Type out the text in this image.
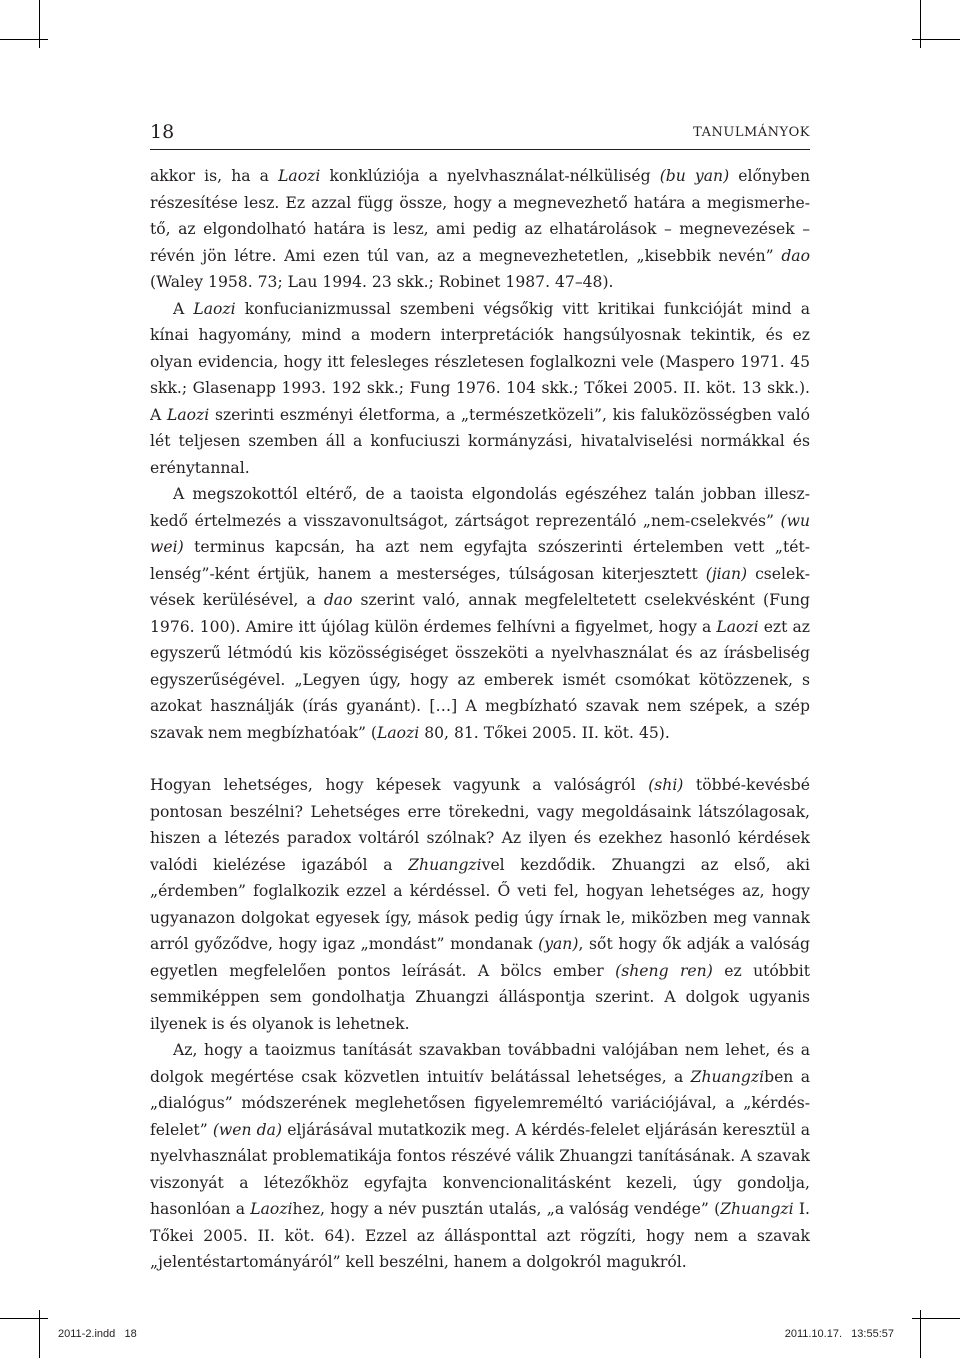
18	TANULMÁNYOK

akkor is, ha a Laozi konklúziója a nyelvhasználat-nélküliség (bu yan) előnyben részesítése lesz. Ez azzal függ össze, hogy a megnevezhető határa a megismerhető, az elgondolható határa is lesz, ami pedig az elhatárolások – megnevezések – révén jön létre. Ami ezen túl van, az a megnevezhetetlen, „kisebbik nevén” dao (Waley 1958. 73; Lau 1994. 23 skk.; Robinet 1987. 47–48).

A Laozi konfucianizmussal szembeni végsőkig vitt kritikai funkcióját mind a kínai hagyomány, mind a modern interpretációk hangsúlyosnak tekintik, és ez olyan evidencia, hogy itt felesleges részletesen foglalkozni vele (Maspero 1971. 45 skk.; Glasenapp 1993. 192 skk.; Fung 1976. 104 skk.; Tőkei 2005. II. köt. 13 skk.). A Laozi szerinti eszményi életforma, a „természetközeli”, kis faluközösségben való lét teljesen szemben áll a konfuciuszi kormányzási, hivatalviselési normákkal és erénytannal.

A megszokottól eltérő, de a taoista elgondolás egészéhez talán jobban illeszkedő értelmezés a visszavonultságot, zártságot reprezentáló „nem-cselekvés” (wu wei) terminus kapcsán, ha azt nem egyfajta szószerinti értelemben vett „tétlenség”-ként értjük, hanem a mesterséges, túlságosan kiterjesztett (jian) cselekvések kerülésével, a dao szerint való, annak megfeleltetett cselekvésként (Fung 1976. 100). Amire itt újólag külön érdemes felhívni a figyelmet, hogy a Laozi ezt az egyszerű létmódú kis közösségiséget összeköti a nyelvhasználat és az írásbeliség egyszerűségével. „Legyen úgy, hogy az emberek ismét csomókat kötözzenek, s azokat használják (írás gyanánt). […] A megbízható szavak nem szépek, a szép szavak nem megbízhatóak” (Laozi 80, 81. Tőkei 2005. II. köt. 45).

Hogyan lehetséges, hogy képesek vagyunk a valóságról (shi) többé-kevésbé pontosan beszélni? Lehetséges erre törekedni, vagy megoldásaink látszólagosak, hiszen a létezés paradox voltáról szólnak? Az ilyen és ezekhez hasonló kérdések valódi kielézése igazából a Zhuangzivel kezdődik. Zhuangzi az első, aki „érdemben” foglalkozik ezzel a kérdéssel. Ő veti fel, hogyan lehetséges az, hogy ugyanazon dolgokat egyesek így, mások pedig úgy írnak le, miközben meg vannak arról győződve, hogy igaz „mondást” mondanak (yan), sőt hogy ők adják a valóság egyetlen megfelelően pontos leírását. A bölcs ember (sheng ren) ez utóbbit semmiképpen sem gondolhatja Zhuangzi álláspontja szerint. A dolgok ugyanis ilyenek is és olyanok is lehetnek.

Az, hogy a taoizmus tanítását szavakban továbbadni valójában nem lehet, és a dolgok megértése csak közvetlen intuitív belátással lehetséges, a Zhuangziben a „dialógus” módszerének meglehetősen figyelemreméltó variációjával, a „kérdés-felelet” (wen da) eljárásával mutatkozik meg. A kérdés-felelet eljárásán keresztül a nyelvhasználat problematikája fontos részévé válik Zhuangzi tanításának. A szavak viszonyát a létezőkhöz egyfajta konvencionalitásként kezeli, úgy gondolja, hasonlóan a Laozihez, hogy a név pusztán utalás, „a valóság vendége” (Zhuangzi I. Tőkei 2005. II. köt. 64). Ezzel az állásponttal azt rögzíti, hogy nem a szavak „jelentéstartományáról” kell beszélni, hanem a dolgokról magukról.

2011-2.indd   18	2011.10.17.   13:55:57
